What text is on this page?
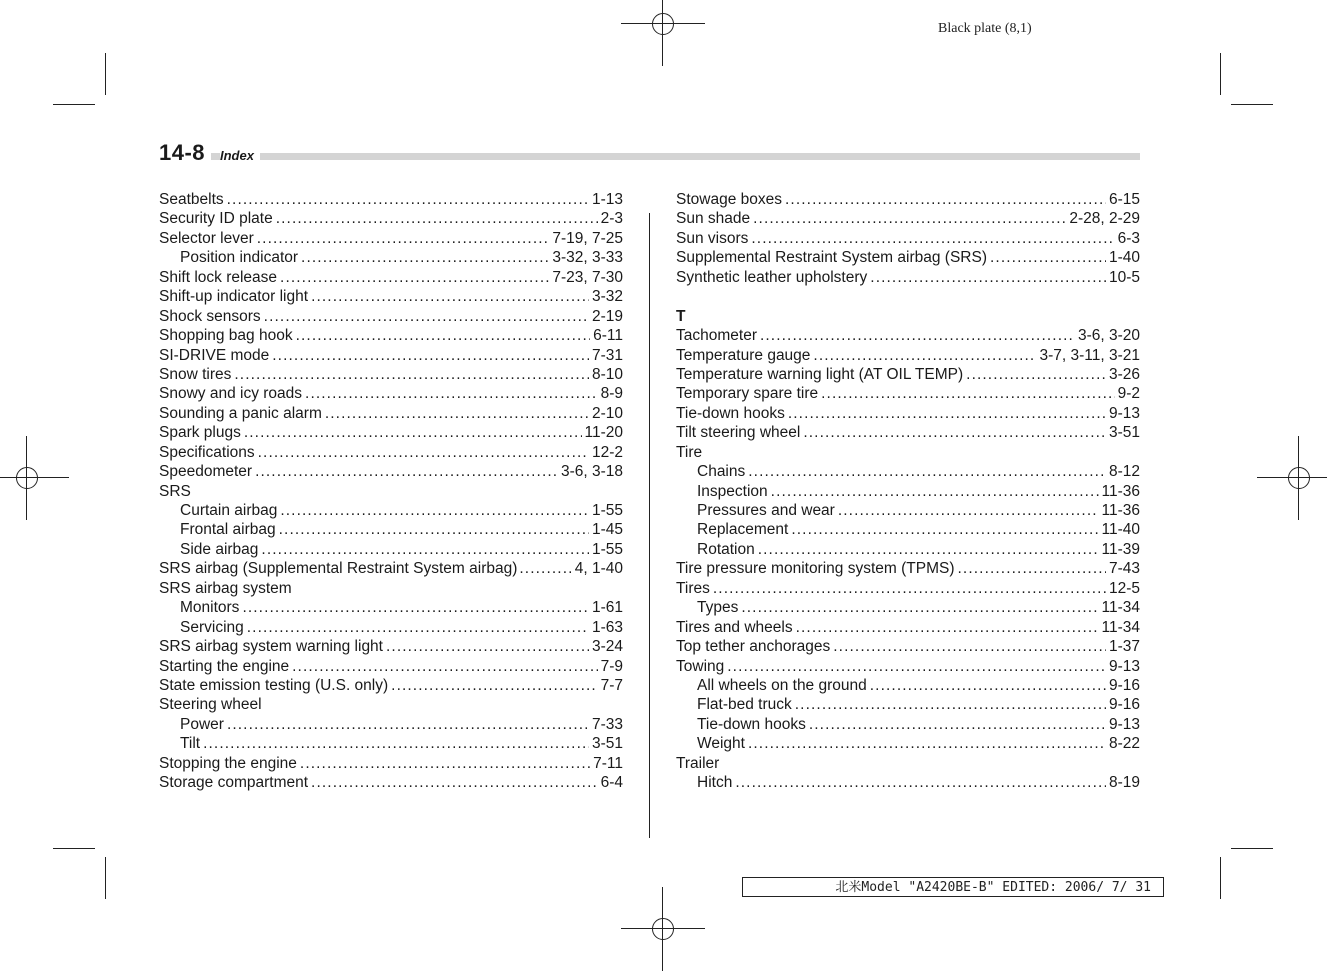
Black plate (8,1)
14-8	Index
Seatbelts . . .	1-13
Security ID plate . . .	2-3
Selector lever . . .	7-19, 7-25
Position indicator . . .	3-32, 3-33
Shift lock release . . .	7-23, 7-30
Shift-up indicator light . . .	3-32
Shock sensors . . .	2-19
Shopping bag hook . . .	6-11
SI-DRIVE mode . . .	7-31
Snow tires . . .	8-10
Snowy and icy roads . . .	8-9
Sounding a panic alarm . . .	2-10
Spark plugs . . .	11-20
Specifications . . .	12-2
Speedometer . . .	3-6, 3-18
SRS
Curtain airbag . . .	1-55
Frontal airbag . . .	1-45
Side airbag . . .	1-55
SRS airbag (Supplemental Restraint System airbag) . . .	4, 1-40
SRS airbag system
Monitors . . .	1-61
Servicing . . .	1-63
SRS airbag system warning light . . .	3-24
Starting the engine . . .	7-9
State emission testing (U.S. only) . . .	7-7
Steering wheel
Power . . .	7-33
Tilt . . .	3-51
Stopping the engine . . .	7-11
Storage compartment . . .	6-4
Stowage boxes . . .	6-15
Sun shade . . .	2-28, 2-29
Sun visors . . .	6-3
Supplemental Restraint System airbag (SRS) . . .	1-40
Synthetic leather upholstery . . .	10-5
T
Tachometer . . .	3-6, 3-20
Temperature gauge . . .	3-7, 3-11, 3-21
Temperature warning light (AT OIL TEMP) . . .	3-26
Temporary spare tire . . .	9-2
Tie-down hooks . . .	9-13
Tilt steering wheel . . .	3-51
Tire
Chains . . .	8-12
Inspection . . .	11-36
Pressures and wear . . .	11-36
Replacement . . .	11-40
Rotation . . .	11-39
Tire pressure monitoring system (TPMS) . . .	7-43
Tires . . .	12-5
Types . . .	11-34
Tires and wheels . . .	11-34
Top tether anchorages . . .	1-37
Towing . . .	9-13
All wheels on the ground . . .	9-16
Flat-bed truck . . .	9-16
Tie-down hooks . . .	9-13
Weight . . .	8-22
Trailer
Hitch . . .	8-19
北米Model "A2420BE-B" EDITED: 2006/ 7/ 31
